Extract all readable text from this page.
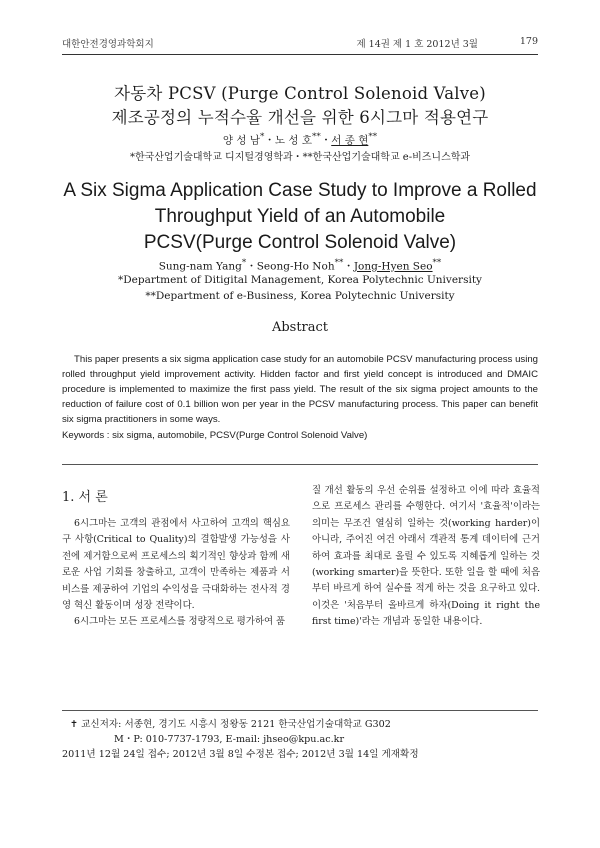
대한안전경영과학회지	제 14권 제 1 호 2012년 3월	179
자동차 PCSV (Purge Control Solenoid Valve)
제조공정의 누적수율 개선을 위한 6시그마 적용연구
양 성 남*・노 성 호**・서 종 현**
*한국산업기술대학교 디지털경영학과・**한국산업기술대학교 e-비즈니스학과
A Six Sigma Application Case Study to Improve a Rolled
Throughput Yield of an Automobile
PCSV(Purge Control Solenoid Valve)
Sung-nam Yang*・Seong-Ho Noh**・Jong-Hyen Seo**
*Department of Ditigital Management, Korea Polytechnic University
**Department of e-Business, Korea Polytechnic University
Abstract
This paper presents a six sigma application case study for an automobile PCSV manufacturing process using rolled throughput yield improvement activity. Hidden factor and first yield concept is introduced and DMAIC procedure is implemented to maximize the first pass yield. The result of the six sigma project amounts to the reduction of failure cost of 0.1 billion won per year in the PCSV manufacturing process. This paper can benefit six sigma practitioners in some ways.
Keywords : six sigma, automobile, PCSV(Purge Control Solenoid Valve)
1. 서 론

6시그마는 고객의 관점에서 사고하여 고객의 핵심요구 사항(Critical to Quality)의 결함발생 가능성을 사전에 제거함으로써 프로세스의 획기적인 향상과 함께 새로운 사업 기회를 창출하고, 고객이 만족하는 제품과 서비스를 제공하여 기업의 수익성을 극대화하는 전사적 경영 혁신 활동이며 성장 전략이다.

6시그마는 모든 프로세스를 정량적으로 평가하여 품

질 개선 활동의 우선 순위를 설정하고 이에 따라 효율적으로 프로세스 관리를 수행한다. 여기서 '효율적'이라는 의미는 무조건 열심히 일하는 것(working harder)이 아니라, 주어진 여건 아래서 객관적 통계 데이터에 근거하여 효과를 최대로 올릴 수 있도록 지혜롭게 일하는 것(working smarter)을 뜻한다. 또한 일을 할 때에 처음부터 바르게 하여 실수를 적게 하는 것을 요구하고 있다. 이것은 '처음부터 올바르게 하자(Doing it right the first time)'라는 개념과 동일한 내용이다.

✝ 교신저자: 서종현, 경기도 시흥시 정왕동 2121 한국산업기술대학교 G302
M・P: 010-7737-1793, E-mail: jhseo@kpu.ac.kr
2011년 12월 24일 접수; 2012년 3월 8일 수정본 접수; 2012년 3월 14일 게재확정
